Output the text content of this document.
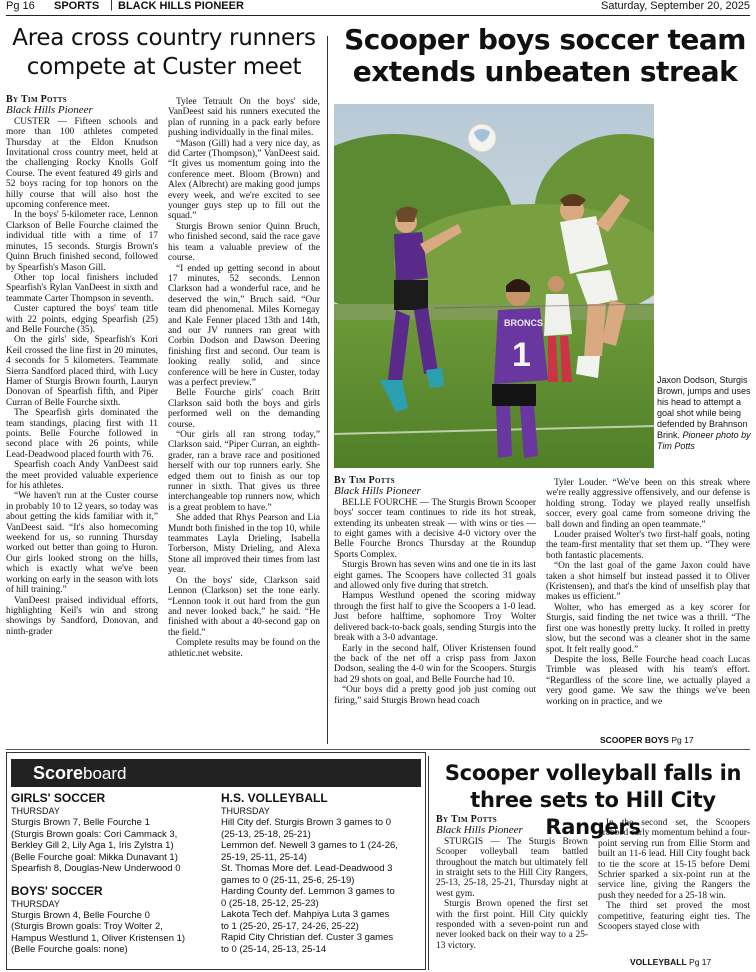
Pg 16 SPORTS | BLACK HILLS PIONEER	Saturday, September 20, 2025
Area cross country runners
compete at Custer meet
By Tim Potts
Black Hills Pioneer

CUSTER — Fifteen schools and more than 100 athletes competed Thursday at the Eldon Knudson Invitational cross country meet, held at the challenging Rocky Knolls Golf Course. The event featured 49 girls and 52 boys racing for top honors on the hilly course that will also host the upcoming conference meet.

In the boys' 5-kilometer race, Lennon Clarkson of Belle Fourche claimed the individual title with a time of 17 minutes, 15 seconds. Sturgis Brown's Quinn Bruch finished second, followed by Spearfish's Mason Gill.

Other top local finishers included Spearfish's Rylan VanDeest in sixth and teammate Carter Thompson in seventh.

Custer captured the boys' team title with 22 points, edging Spearfish (25) and Belle Fourche (35).

On the girls' side, Spearfish's Kori Keil crossed the line first in 20 minutes, 4 seconds for 5 kilometers. Teammate Sierra Sandford placed third, with Lucy Hamer of Sturgis Brown fourth, Lauryn Donovan of Spearfish fifth, and Piper Curran of Belle Fourche sixth.

The Spearfish girls dominated the team standings, placing first with 11 points. Belle Fourche followed in second place with 26 points, while Lead-Deadwood placed fourth with 76.

Spearfish coach Andy VanDeest said the meet provided valuable experience for his athletes.

“We haven't run at the Custer course in probably 10 to 12 years, so today was about getting the kids familiar with it,” VanDeest said. “It's also homecoming weekend for us, so running Thursday worked out better than going to Huron. Our girls looked strong on the hills, which is exactly what we've been working on early in the season with lots of hill training.”

VanDeest praised individual efforts, highlighting Keil's win and strong showings by Sandford, Donovan, and ninth-grader

Tylee Tetrault On the boys' side, VanDeest said his runners executed the plan of running in a pack early before pushing individually in the final miles.

“Mason (Gill) had a very nice day, as did Carter (Thompson),” VanDeest said. “It gives us momentum going into the conference meet. Bloom (Brown) and Alex (Albrecht) are making good jumps every week, and we're excited to see younger guys step up to fill out the squad.”

Sturgis Brown senior Quinn Bruch, who finished second, said the race gave his team a valuable preview of the course.

“I ended up getting second in about 17 minutes, 52 seconds. Lennon Clarkson had a wonderful race, and he deserved the win,” Bruch said. “Our team did phenomenal. Miles Kornegay and Kale Fenner placed 13th and 14th, and our JV runners ran great with Corbin Dodson and Dawson Deering finishing first and second. Our team is looking really solid, and since conference will be here in Custer, today was a perfect preview.”

Belle Fourche girls' coach Britt Clarkson said both the boys and girls performed well on the demanding course.

“Our girls all ran strong today,” Clarkson said. “Piper Curran, an eighth-grader, ran a brave race and positioned herself with our top runners early. She edged them out to finish as our top runner in sixth. That gives us three interchangeable top runners now, which is a great problem to have.”

She added that Rhys Pearson and Lia Mundt both finished in the top 10, while teammates Layla Drieling, Isabella Torberson, Misty Drieling, and Alexa Stone all improved their times from last year.

On the boys' side, Clarkson said Lennon (Clarkson) set the tone early. “Lennon took it out hard from the gun and never looked back,” he said. “He finished with about a 40-second gap on the field.”

Complete results may be found on the athletic.net website.

Scooper boys soccer team
extends unbeaten streak
BRONCS
1
Jaxon Dodson, Sturgis Brown, jumps and uses his head to attempt a goal shot while being defended by Brahnson Brink. Pioneer photo by Tim Potts
By Tim Potts
Black Hills Pioneer

BELLE FOURCHE — The Sturgis Brown Scooper boys' soccer team continues to ride its hot streak, extending its unbeaten streak — with wins or ties — to eight games with a decisive 4-0 victory over the Belle Fourche Broncs Thursday at the Roundup Sports Complex.

Sturgis Brown has seven wins and one tie in its last eight games. The Scoopers have collected 31 goals and allowed only five during that stretch.

Hampus Westlund opened the scoring midway through the first half to give the Scoopers a 1-0 lead. Just before halftime, sophomore Troy Wolter delivered back-to-back goals, sending Sturgis into the break with a 3-0 advantage.

Early in the second half, Oliver Kristensen found the back of the net off a crisp pass from Jaxon Dodson, sealing the 4-0 win for the Scoopers. Sturgis had 29 shots on goal, and Belle Fourche had 10.

“Our boys did a pretty good job just coming out firing,” said Sturgis Brown head coach

Tyler Louder. “We've been on this streak where we're really aggressive offensively, and our defense is holding strong. Today we played really unselfish soccer, every goal came from someone driving the ball down and finding an open teammate.”

Louder praised Wolter's two first-half goals, noting the team-first mentality that set them up. “They were both fantastic placements.

“On the last goal of the game Jaxon could have taken a shot himself but instead passed it to Oliver (Kristensen), and that's the kind of unselfish play that makes us efficient.”

Wolter, who has emerged as a key scorer for Sturgis, said finding the net twice was a thrill. “The first one was honestly pretty lucky. It rolled in pretty slow, but the second was a cleaner shot in the same spot. It felt really good.”

Despite the loss, Belle Fourche head coach Lucas Trimble was pleased with his team's effort. “Regardless of the score line, we actually played a very good game. We saw the things we've been working on in practice, and we

SCOOPER BOYS Pg 17
Score board
GIRLS' SOCCER
THURSDAY
Sturgis Brown 7, Belle Fourche 1
(Sturgis Brown goals: Cori Cammack 3,
Berkley Gill 2, Lily Aga 1, Iris Zylstra 1)
(Belle Fourche goal: Mikka Dunavant 1)
Spearfish 8, Douglas-New Underwood 0
BOYS' SOCCER
THURSDAY
Sturgis Brown 4, Belle Fourche 0
(Sturgis Brown goals: Troy Wolter 2,
Hampus Westlund 1, Oliver Kristensen 1)
(Belle Fourche goals: none)
H.S. VOLLEYBALL
THURSDAY
Hill City def. Sturgis Brown 3 games to 0
(25-13, 25-18, 25-21)
Lemmon def. Newell 3 games to 1 (24-26,
25-19, 25-11, 25-14)
St. Thomas More def. Lead-Deadwood 3
games to 0 (25-11, 25-6, 25-19)
Harding County def. Lemmon 3 games to
0 (25-18, 25-12, 25-23)
Lakota Tech def. Mahpiya Luta 3 games
to 1 (25-20, 25-17, 24-26, 25-22)
Rapid City Christian def. Custer 3 games
to 0 (25-14, 25-13, 25-14
Scooper volleyball falls in
three sets to Hill City Rangers
By Tim Potts
Black Hills Pioneer

STURGIS — The Sturgis Brown Scooper volleyball team battled throughout the match but ultimately fell in straight sets to the Hill City Rangers, 25-13, 25-18, 25-21, Thursday night at west gym.

Sturgis Brown opened the first set with the first point. Hill City quickly responded with a seven-point run and never looked back on their way to a 25-13 victory.

In the second set, the Scoopers grabbed early momentum behind a four-point serving run from Ellie Storm and built an 11-6 lead. Hill City fought back to tie the score at 15-15 before Demi Schrier sparked a six-point run at the service line, giving the Rangers the push they needed for a 25-18 win.

The third set proved the most competitive, featuring eight ties. The Scoopers stayed close with

VOLLEYBALL Pg 17
